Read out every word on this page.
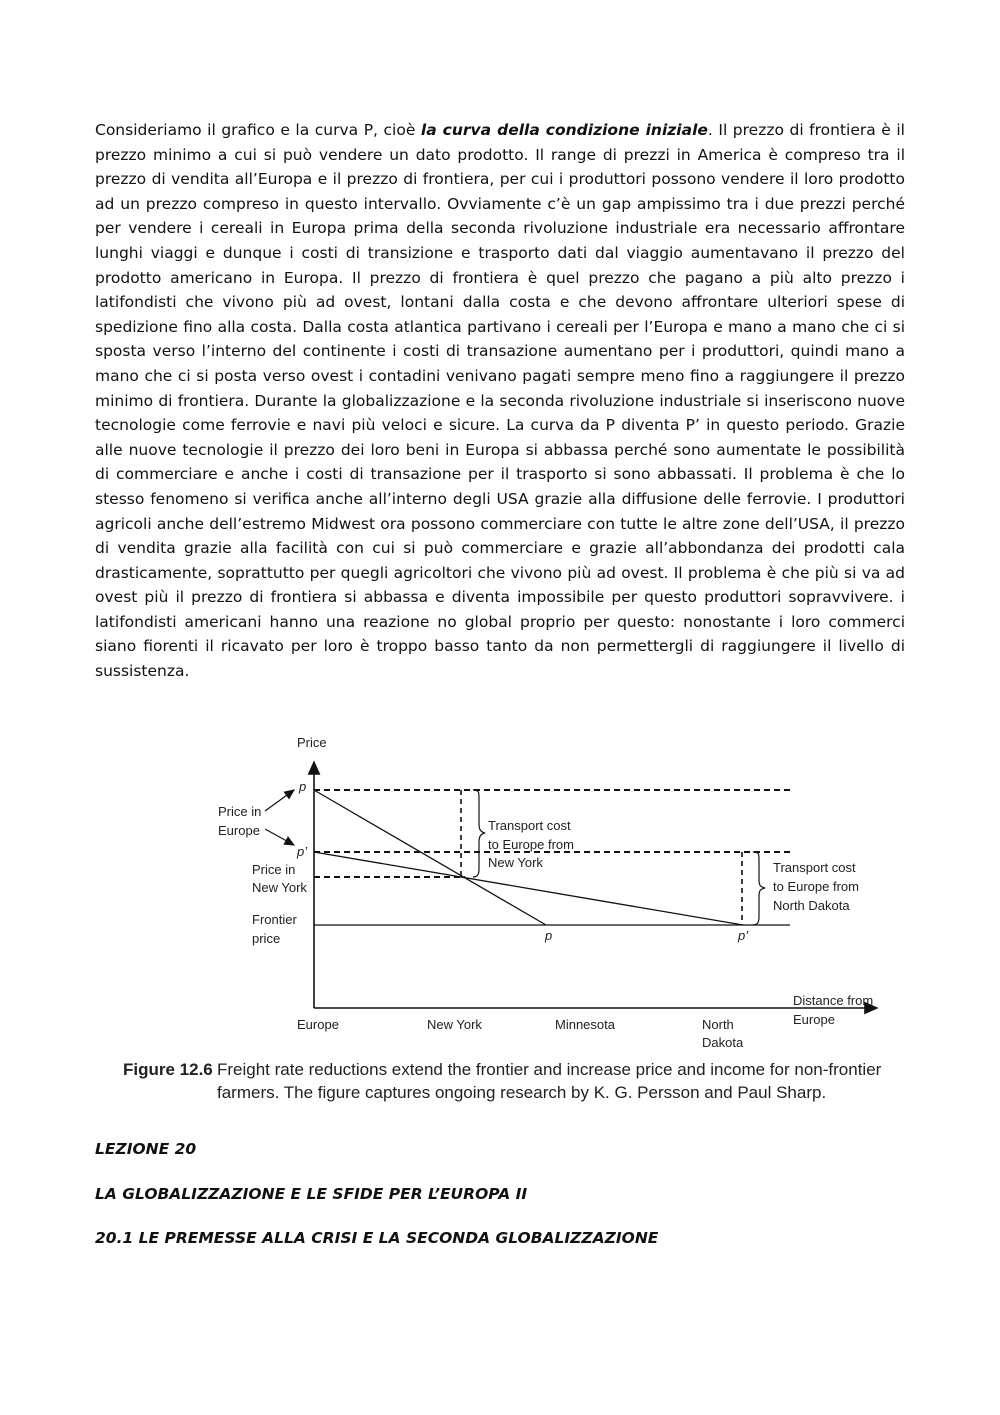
Consideriamo il grafico e la curva P, cioè la curva della condizione iniziale. Il prezzo di frontiera è il prezzo minimo a cui si può vendere un dato prodotto. Il range di prezzi in America è compreso tra il prezzo di vendita all’Europa e il prezzo di frontiera, per cui i produttori possono vendere il loro prodotto ad un prezzo compreso in questo intervallo. Ovviamente c’è un gap ampissimo tra i due prezzi perché per vendere i cereali in Europa prima della seconda rivoluzione industriale era necessario affrontare lunghi viaggi e dunque i costi di transizione e trasporto dati dal viaggio aumentavano il prezzo del prodotto americano in Europa. Il prezzo di frontiera è quel prezzo che pagano a più alto prezzo i latifondisti che vivono più ad ovest, lontani dalla costa e che devono affrontare ulteriori spese di spedizione fino alla costa. Dalla costa atlantica partivano i cereali per l’Europa e mano a mano che ci si sposta verso l’interno del continente i costi di transazione aumentano per i produttori, quindi mano a mano che ci si posta verso ovest i contadini venivano pagati sempre meno fino a raggiungere il prezzo minimo di frontiera. Durante la globalizzazione e la seconda rivoluzione industriale si inseriscono nuove tecnologie come ferrovie e navi più veloci e sicure. La curva da P diventa P’ in questo periodo. Grazie alle nuove tecnologie il prezzo dei loro beni in Europa si abbassa perché sono aumentate le possibilità di commerciare e anche i costi di transazione per il trasporto si sono abbassati. Il problema è che lo stesso fenomeno si verifica anche all’interno degli USA grazie alla diffusione delle ferrovie. I produttori agricoli anche dell’estremo Midwest ora possono commerciare con tutte le altre zone dell’USA, il prezzo di vendita grazie alla facilità con cui si può commerciare e grazie all’abbondanza dei prodotti cala drasticamente, soprattutto per quegli agricoltori che vivono più ad ovest. Il problema è che più si va ad ovest più il prezzo di frontiera si abbassa e diventa impossibile per questo produttori sopravvivere. i latifondisti americani hanno una reazione no global proprio per questo: nonostante i loro commerci siano fiorenti il ricavato per loro è troppo basso tanto da non permettergli di raggiungere il livello di sussistenza.

Price
Distance from
Europe
p
p’
p	p’
Price in
Europe
Price in
New York
Frontier
price
Transport cost
to Europe from
New York	Transport cost
to Europe from
North Dakota
Europe	New York	Minnesota	North
Dakota
Figure 12.6 Freight rate reductions extend the frontier and increase price and income for non-frontier farmers. The figure captures ongoing research by K. G. Persson and Paul Sharp.

LEZIONE 20

LA GLOBALIZZAZIONE E LE SFIDE PER L’EUROPA II

20.1 LE PREMESSE ALLA CRISI E LA SECONDA GLOBALIZZAZIONE
